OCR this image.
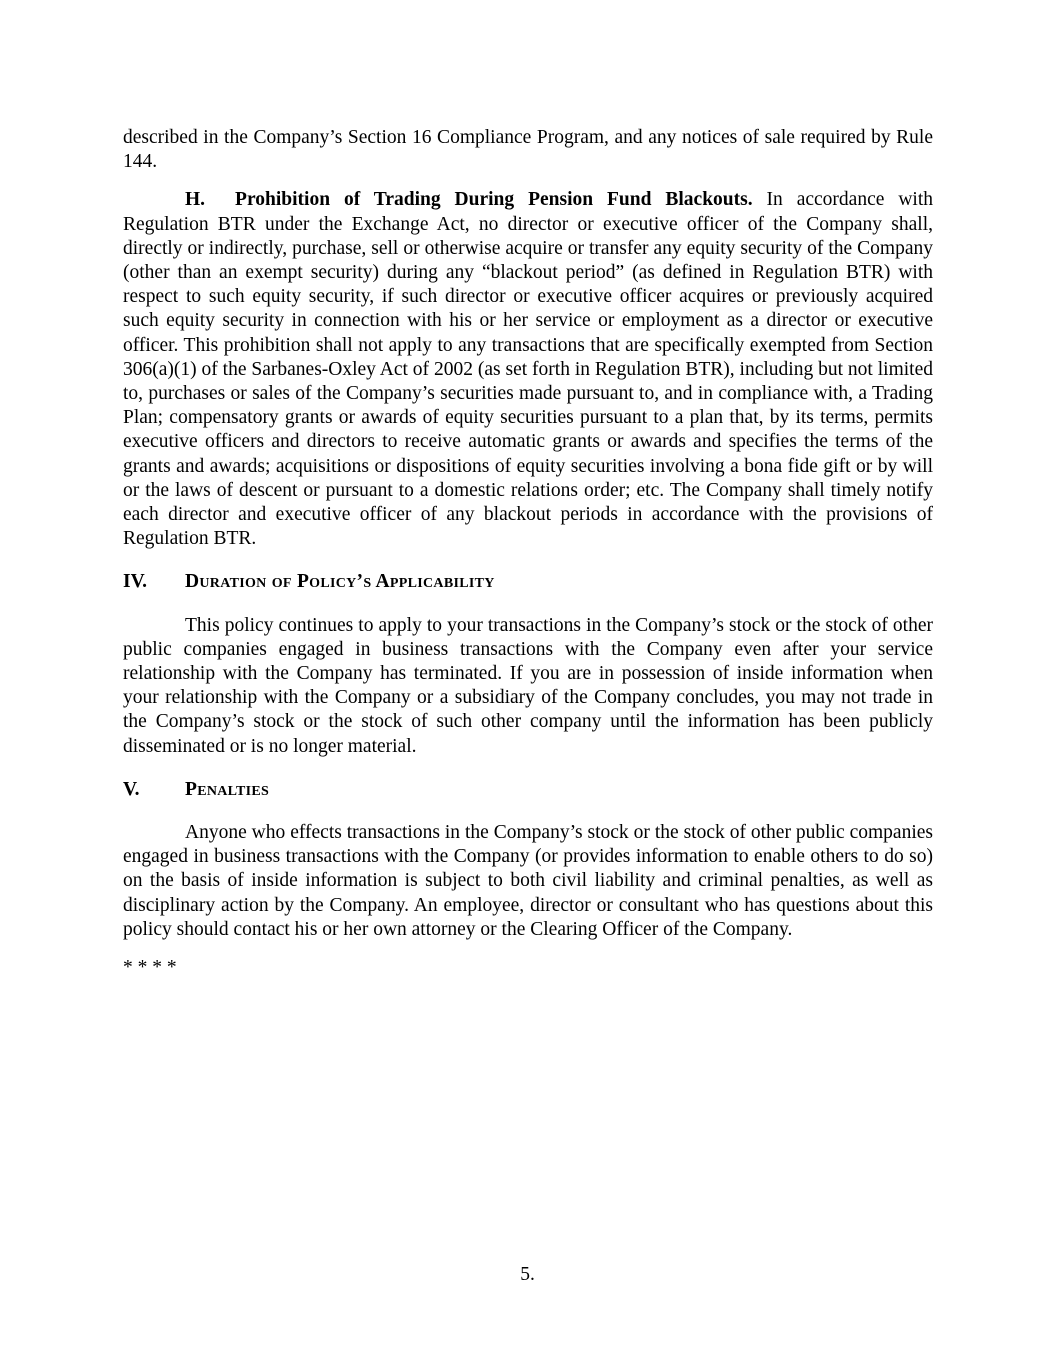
described in the Company’s Section 16 Compliance Program, and any notices of sale required by Rule 144.

H. Prohibition of Trading During Pension Fund Blackouts. In accordance with Regulation BTR under the Exchange Act, no director or executive officer of the Company shall, directly or indirectly, purchase, sell or otherwise acquire or transfer any equity security of the Company (other than an exempt security) during any “blackout period” (as defined in Regulation BTR) with respect to such equity security, if such director or executive officer acquires or previously acquired such equity security in connection with his or her service or employment as a director or executive officer. This prohibition shall not apply to any transactions that are specifically exempted from Section 306(a)(1) of the Sarbanes-Oxley Act of 2002 (as set forth in Regulation BTR), including but not limited to, purchases or sales of the Company’s securities made pursuant to, and in compliance with, a Trading Plan; compensatory grants or awards of equity securities pursuant to a plan that, by its terms, permits executive officers and directors to receive automatic grants or awards and specifies the terms of the grants and awards; acquisitions or dispositions of equity securities involving a bona fide gift or by will or the laws of descent or pursuant to a domestic relations order; etc. The Company shall timely notify each director and executive officer of any blackout periods in accordance with the provisions of Regulation BTR.

IV. Duration of Policy’s Applicability

This policy continues to apply to your transactions in the Company’s stock or the stock of other public companies engaged in business transactions with the Company even after your service relationship with the Company has terminated. If you are in possession of inside information when your relationship with the Company or a subsidiary of the Company concludes, you may not trade in the Company’s stock or the stock of such other company until the information has been publicly disseminated or is no longer material.

V. Penalties

Anyone who effects transactions in the Company’s stock or the stock of other public companies engaged in business transactions with the Company (or provides information to enable others to do so) on the basis of inside information is subject to both civil liability and criminal penalties, as well as disciplinary action by the Company. An employee, director or consultant who has questions about this policy should contact his or her own attorney or the Clearing Officer of the Company.

* * * *

5.
